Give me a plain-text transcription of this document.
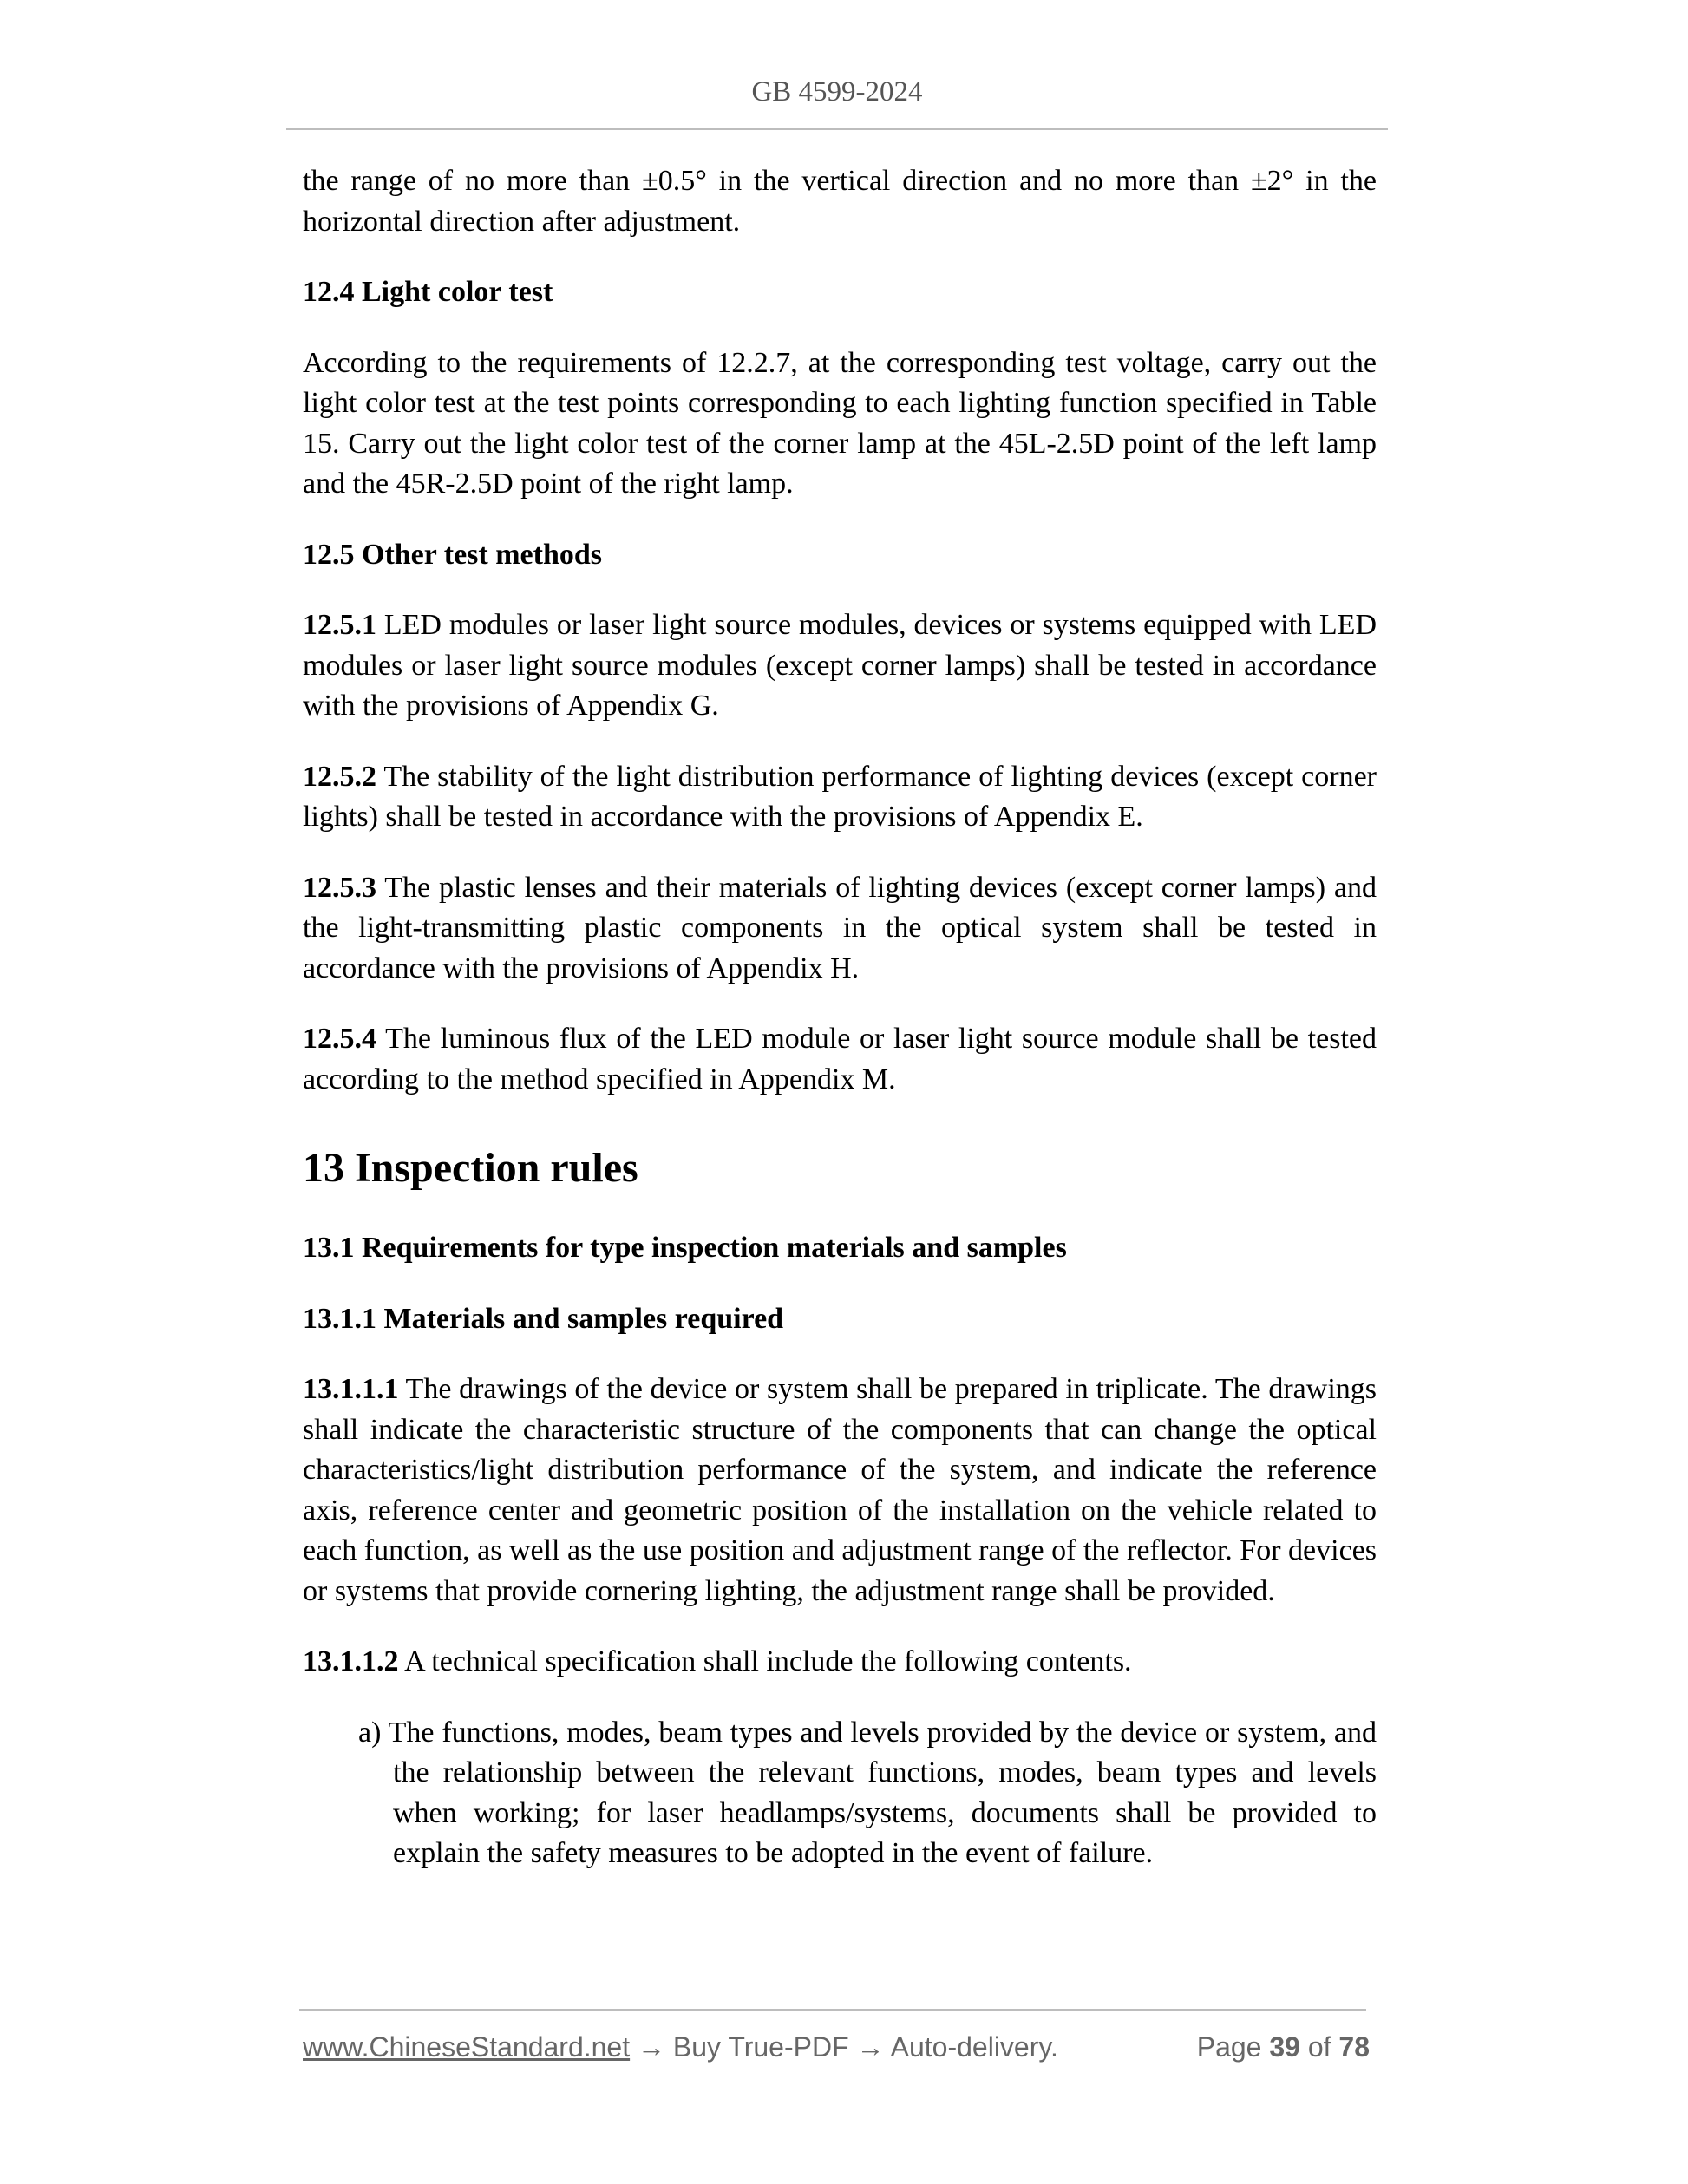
GB 4599-2024

the range of no more than ±0.5° in the vertical direction and no more than ±2° in the horizontal direction after adjustment.

12.4 Light color test

According to the requirements of 12.2.7, at the corresponding test voltage, carry out the light color test at the test points corresponding to each lighting function specified in Table 15. Carry out the light color test of the corner lamp at the 45L-2.5D point of the left lamp and the 45R-2.5D point of the right lamp.

12.5 Other test methods

12.5.1 LED modules or laser light source modules, devices or systems equipped with LED modules or laser light source modules (except corner lamps) shall be tested in accordance with the provisions of Appendix G.

12.5.2 The stability of the light distribution performance of lighting devices (except corner lights) shall be tested in accordance with the provisions of Appendix E.

12.5.3 The plastic lenses and their materials of lighting devices (except corner lamps) and the light-transmitting plastic components in the optical system shall be tested in accordance with the provisions of Appendix H.

12.5.4 The luminous flux of the LED module or laser light source module shall be tested according to the method specified in Appendix M.

13 Inspection rules

13.1 Requirements for type inspection materials and samples

13.1.1 Materials and samples required

13.1.1.1 The drawings of the device or system shall be prepared in triplicate. The drawings shall indicate the characteristic structure of the components that can change the optical characteristics/light distribution performance of the system, and indicate the reference axis, reference center and geometric position of the installation on the vehicle related to each function, as well as the use position and adjustment range of the reflector. For devices or systems that provide cornering lighting, the adjustment range shall be provided.

13.1.1.2 A technical specification shall include the following contents.

a) The functions, modes, beam types and levels provided by the device or system, and the relationship between the relevant functions, modes, beam types and levels when working; for laser headlamps/systems, documents shall be provided to explain the safety measures to be adopted in the event of failure.

www.ChineseStandard.net → Buy True-PDF → Auto-delivery.	Page 39 of 78
